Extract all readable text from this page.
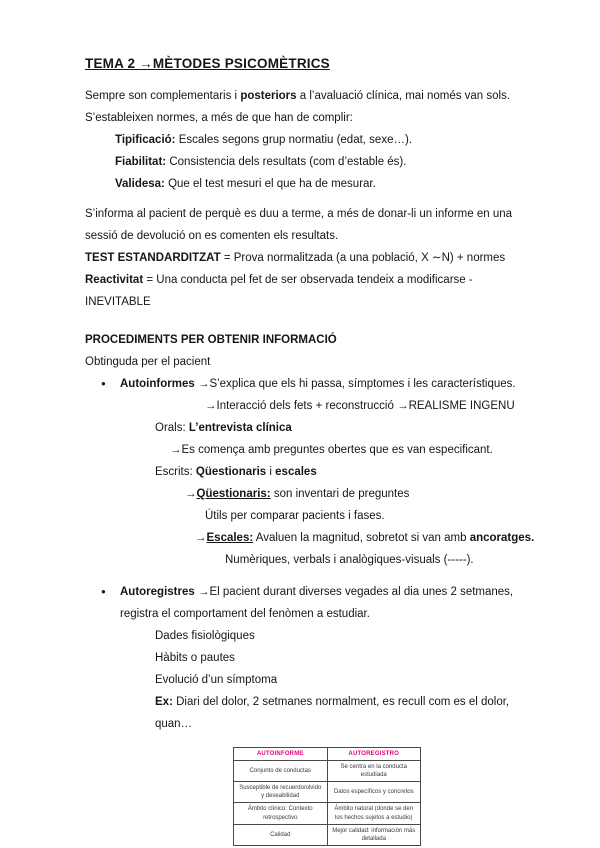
TEMA 2 →MÈTODES PSICOMÈTRICS

Sempre son complementaris i posteriors a l’avaluació clínica, mai només van sols. S’estableixen normes, a més de que han de complir:

Tipificació: Escales segons grup normatiu (edat, sexe…).

Fiabilitat: Consistencia dels resultats (com d’estable és).

Validesa: Que el test mesuri el que ha de mesurar.

S’informa al pacient de perquè es duu a terme, a més de donar-li un informe en una sessió de devolució on es comenten els resultats.

TEST ESTANDARDITZAT = Prova normalitzada (a una població, X ∼N) + normes

Reactivitat = Una conducta pel fet de ser observada tendeix a modificarse - INEVITABLE

PROCEDIMENTS PER OBTENIR INFORMACIÓ

Obtinguda per el pacient

●	Autoinformes →S’explica que els hi passa, símptomes i les característiques.

→Interacció dels fets + reconstrucció →REALISME INGENU

Orals: L’entrevista clínica

→Es comença amb preguntes obertes que es van especificant.

Escrits: Qüestionaris i escales

→Qüestionaris: son inventari de preguntes

Útils per comparar pacients i fases.

→Escales: Avaluen la magnitud, sobretot si van amb ancoratges.

Numèriques, verbals i analògiques-visuals (-----).

●	Autoregistres →El pacient durant diverses vegades al dia unes 2 setmanes, registra el comportament del fenòmen a estudiar.

Dades fisiològiques

Hàbits o pautes

Evolució d’un símptoma

Ex: Diari del dolor, 2 setmanes normalment, es recull com es el dolor, quan…

AUTOINFORME	AUTOREGISTRO
Conjunto de conductas	Se centra en la conducta estudiada
Susceptible de recuerdo/olvido y deseabilidad	Datos específicos y concretos
Ámbito clínico: Contexto retrospectivo	Ámbito natural (donde se den los hechos sujetos a estudio)
Calidad	Mejor calidad: información más detallada
